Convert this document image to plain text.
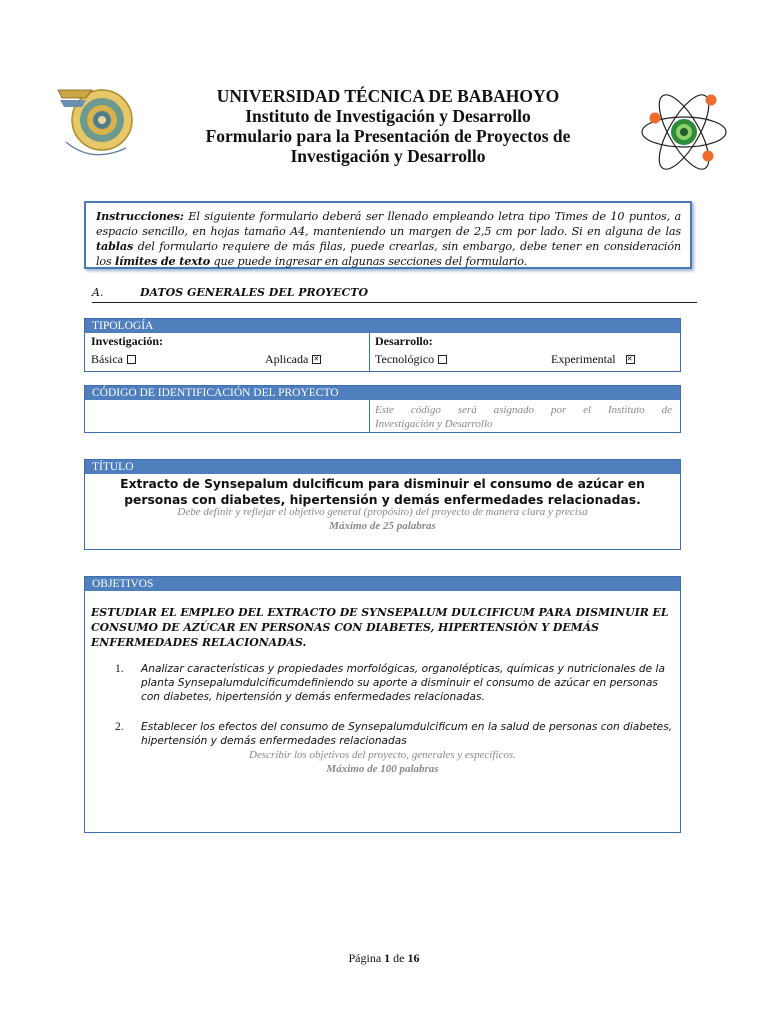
UNIVERSIDAD TÉCNICA DE BABAHOYO
Instituto de Investigación y Desarrollo
Formulario para la Presentación de Proyectos de
Investigación y Desarrollo

Instrucciones: El siguiente formulario deberá ser llenado empleando letra tipo Times de 10 puntos, a espacio sencillo, en hojas tamaño A4, manteniendo un margen de 2,5 cm por lado. Si en alguna de las tablas del formulario requiere de más filas, puede crearlas, sin embargo, debe tener en consideración los límites de texto que puede ingresar en algunas secciones del formulario.

A.	DATOS GENERALES DEL PROYECTO
TIPOLOGÍA
Investigación:	Desarrollo:
Básica	Aplicada✕	Tecnológico	Experimental✕
CÓDIGO DE IDENTIFICACIÓN DEL PROYECTO
Este código será asignado por el Instituto de
Investigación y Desarrollo
TÍTULO
Extracto de Synsepalum dulcificum para disminuir el consumo de azúcar en
personas con diabetes, hipertensión y demás enfermedades relacionadas.
Debe definir y reflejar el objetivo general (propósito) del proyecto de manera clara y precisa
Máximo de 25 palabras
OBJETIVOS
ESTUDIAR EL EMPLEO DEL EXTRACTO DE SYNSEPALUM DULCIFICUM PARA DISMINUIR EL CONSUMO DE AZÚCAR EN PERSONAS CON DIABETES, HIPERTENSIÓN Y DEMÁS ENFERMEDADES RELACIONADAS.
1. Analizar características y propiedades morfológicas, organolépticas, químicas y nutricionales de la planta Synsepalumdulcificumdefiniendo su aporte a disminuir el consumo de azúcar en personas con diabetes, hipertensión y demás enfermedades relacionadas.
2. Establecer los efectos del consumo de Synsepalumdulcificum en la salud de personas con diabetes, hipertensión y demás enfermedades relacionadas
Describir los objetivos del proyecto, generales y específicos.
Máximo de 100 palabras
Página 1 de 16
